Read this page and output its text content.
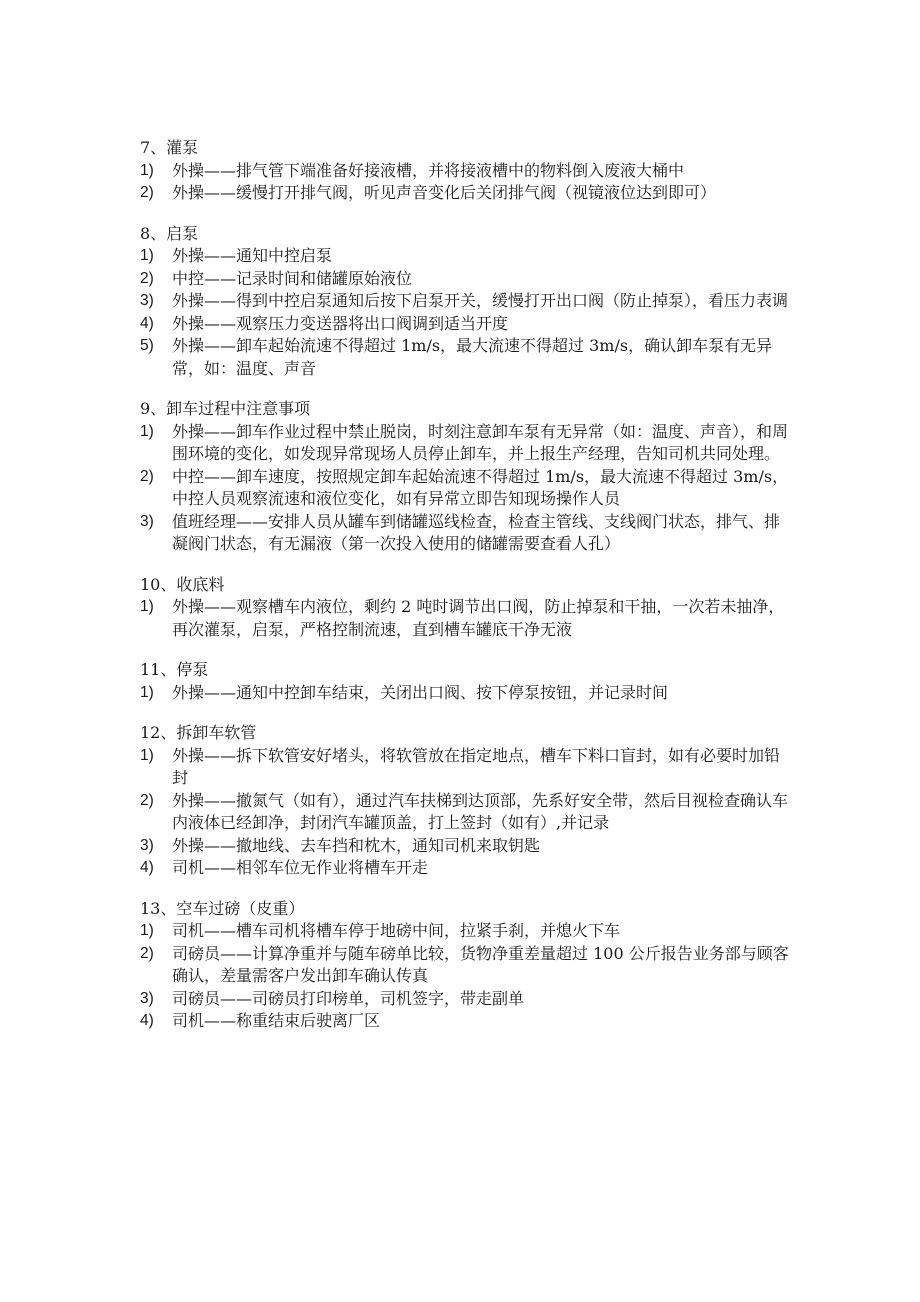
7、灌泵
1)	外操——排气管下端准备好接液槽，并将接液槽中的物料倒入废液大桶中
2)	外操——缓慢打开排气阀，听见声音变化后关闭排气阀（视镜液位达到即可）
8、启泵
1)	外操——通知中控启泵
2)	中控——记录时间和储罐原始液位
3)	外操——得到中控启泵通知后按下启泵开关，缓慢打开出口阀（防止掉泵），看压力表调
4)	外操——观察压力变送器将出口阀调到适当开度
5)	外操——卸车起始流速不得超过 1m/s，最大流速不得超过 3m/s，确认卸车泵有无异常，如：温度、声音
9、卸车过程中注意事项
1)	外操——卸车作业过程中禁止脱岗，时刻注意卸车泵有无异常（如：温度、声音），和周围环境的变化，如发现异常现场人员停止卸车，并上报生产经理，告知司机共同处理。
2)	中控——卸车速度，按照规定卸车起始流速不得超过 1m/s，最大流速不得超过 3m/s，中控人员观察流速和液位变化，如有异常立即告知现场操作人员
3)	值班经理——安排人员从罐车到储罐巡线检查，检查主管线、支线阀门状态，排气、排凝阀门状态，有无漏液（第一次投入使用的储罐需要查看人孔）
10、收底料
1)	外操——观察槽车内液位，剩约 2 吨时调节出口阀，防止掉泵和干抽，一次若未抽净，再次灌泵，启泵，严格控制流速，直到槽车罐底干净无液
11、停泵
1)	外操——通知中控卸车结束，关闭出口阀、按下停泵按钮，并记录时间
12、拆卸车软管
1)	外操——拆下软管安好堵头，将软管放在指定地点，槽车下料口盲封，如有必要时加铅封
2)	外操——撤氮气（如有），通过汽车扶梯到达顶部，先系好安全带，然后目视检查确认车内液体已经卸净，封闭汽车罐顶盖，打上签封（如有）,并记录
3)	外操——撤地线、去车挡和枕木，通知司机来取钥匙
4)	司机——相邻车位无作业将槽车开走
13、空车过磅（皮重）
1)	司机——槽车司机将槽车停于地磅中间，拉紧手刹，并熄火下车
2)	司磅员——计算净重并与随车磅单比较，货物净重差量超过 100 公斤报告业务部与顾客确认，差量需客户发出卸车确认传真
3)	司磅员——司磅员打印榜单，司机签字，带走副单
4)	司机——称重结束后驶离厂区
